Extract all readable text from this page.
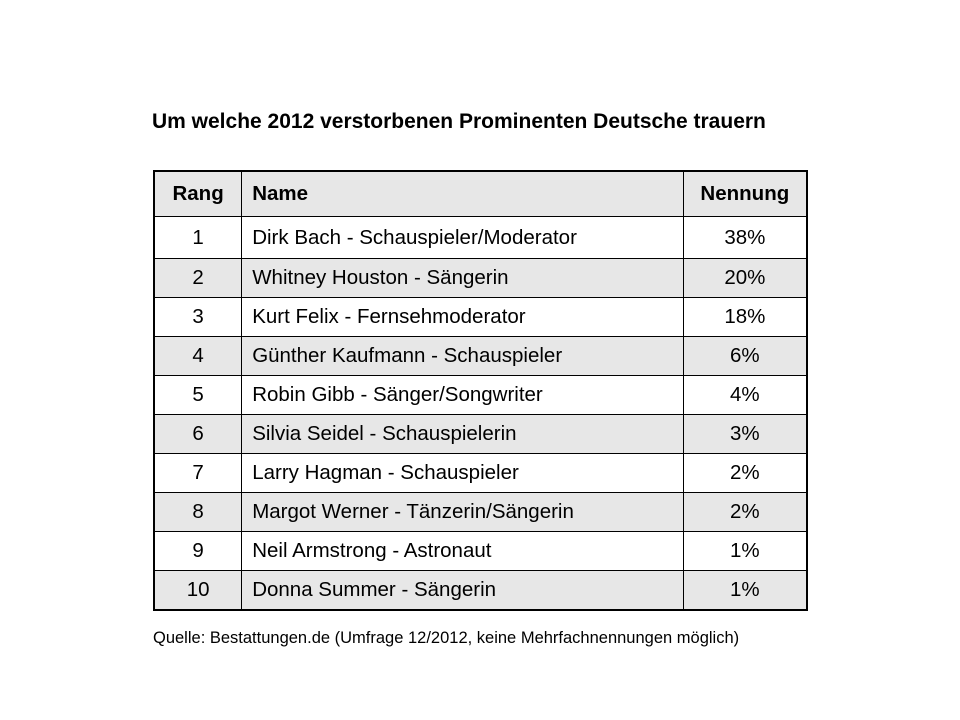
Um welche 2012 verstorbenen Prominenten Deutsche trauern
Rang	Name	Nennung
1	Dirk Bach - Schauspieler/Moderator	38%
2	Whitney Houston - Sängerin	20%
3	Kurt Felix - Fernsehmoderator	18%
4	Günther Kaufmann - Schauspieler	6%
5	Robin Gibb - Sänger/Songwriter	4%
6	Silvia Seidel - Schauspielerin	3%
7	Larry Hagman - Schauspieler	2%
8	Margot Werner - Tänzerin/Sängerin	2%
9	Neil Armstrong - Astronaut	1%
10	Donna Summer - Sängerin	1%
Quelle: Bestattungen.de (Umfrage 12/2012, keine Mehrfachnennungen möglich)
